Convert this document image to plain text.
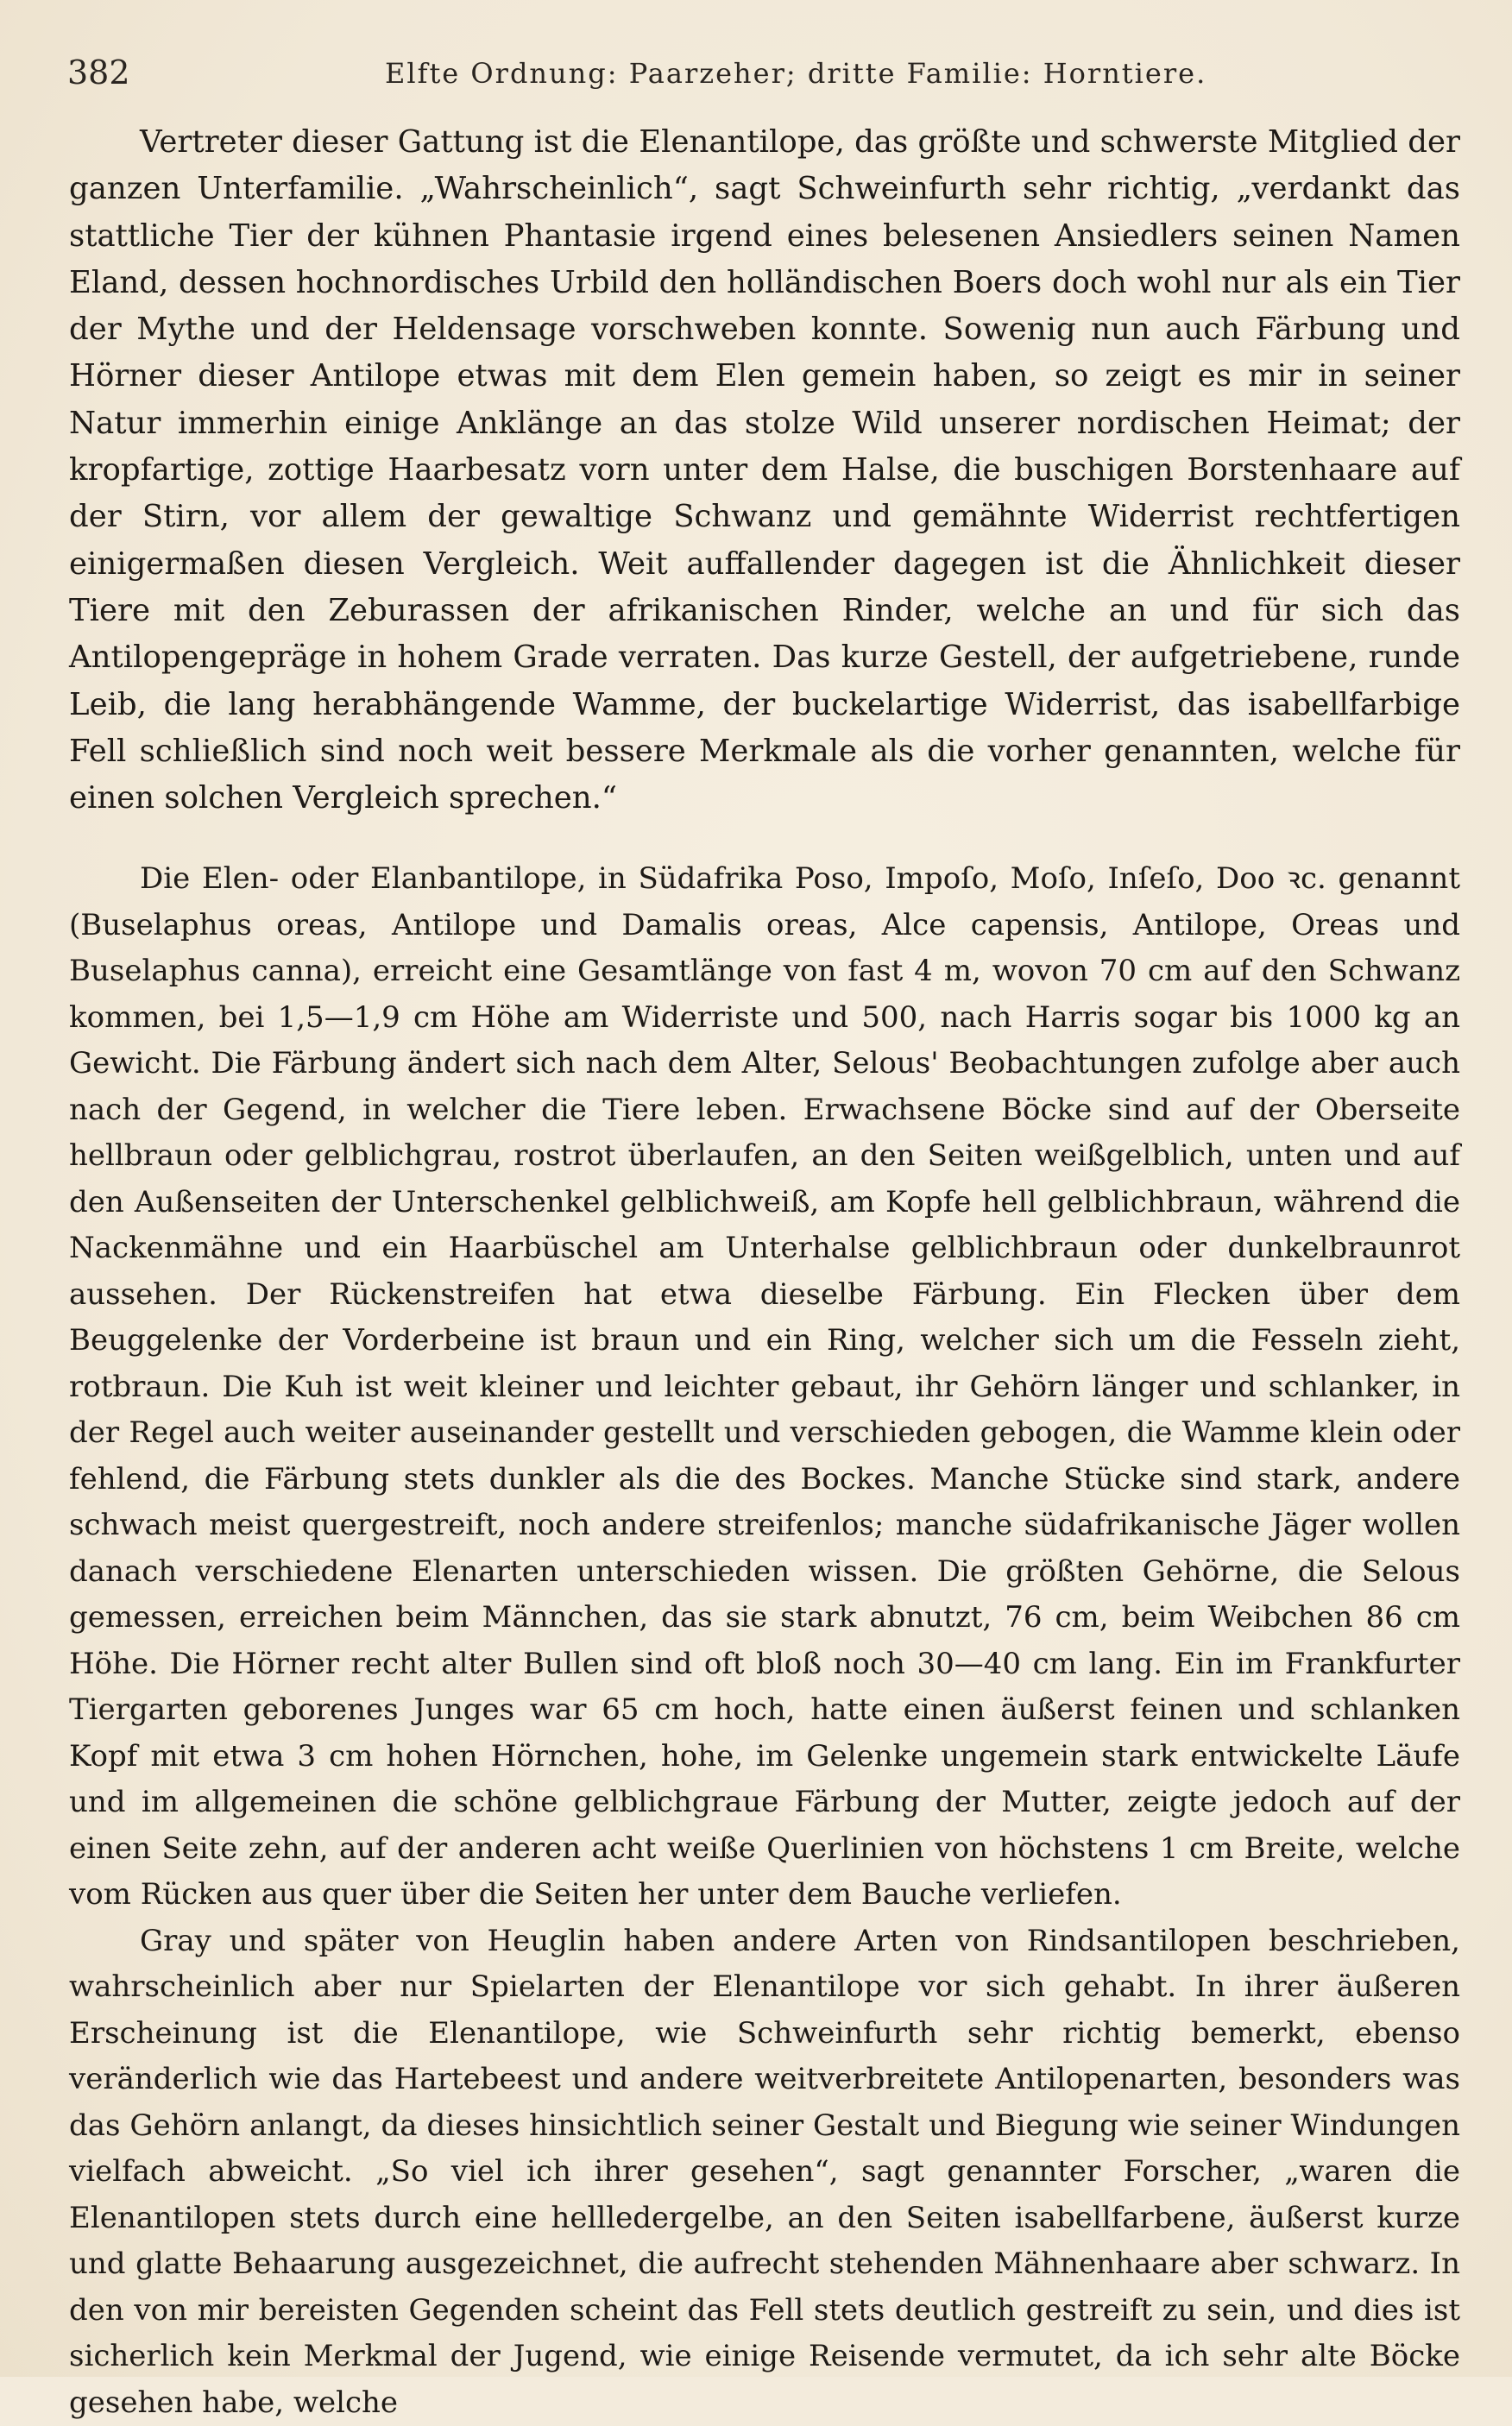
382	Elfte Ordnung: Paarzeher; dritte Familie: Horntiere.

Vertreter dieser Gattung ist die Elenantilope, das größte und schwerste Mitglied der ganzen Unterfamilie. „Wahrscheinlich“, sagt Schweinfurth sehr richtig, „verdankt das stattliche Tier der kühnen Phantasie irgend eines belesenen Ansiedlers seinen Namen Eland, dessen hochnordisches Urbild den holländischen Boers doch wohl nur als ein Tier der Mythe und der Heldensage vorschweben konnte. Sowenig nun auch Färbung und Hörner dieser Antilope etwas mit dem Elen gemein haben, so zeigt es mir in seiner Natur immerhin einige Anklänge an das stolze Wild unserer nordischen Heimat; der kropfartige, zottige Haarbesatz vorn unter dem Halse, die buschigen Borstenhaare auf der Stirn, vor allem der gewaltige Schwanz und gemähnte Widerrist rechtfertigen einigermaßen diesen Vergleich. Weit auffallender dagegen ist die Ähnlichkeit dieser Tiere mit den Zeburassen der afrikanischen Rinder, welche an und für sich das Antilopengepräge in hohem Grade verraten. Das kurze Gestell, der aufgetriebene, runde Leib, die lang herabhängende Wamme, der buckelartige Widerrist, das isabellfarbige Fell schließlich sind noch weit bessere Merkmale als die vorher genannten, welche für einen solchen Vergleich sprechen.“

Die Elen- oder Elanbantilope, in Südafrika Poso, Impoſo, Moſo, Inſeſo, Doo ꝛc. genannt (Buselaphus oreas, Antilope und Damalis oreas, Alce capensis, Antilope, Oreas und Buselaphus canna), erreicht eine Gesamtlänge von fast 4 m, wovon 70 cm auf den Schwanz kommen, bei 1,5—1,9 cm Höhe am Widerriste und 500, nach Harris sogar bis 1000 kg an Gewicht. Die Färbung ändert sich nach dem Alter, Selous' Beobachtungen zufolge aber auch nach der Gegend, in welcher die Tiere leben. Erwachsene Böcke sind auf der Oberseite hellbraun oder gelblichgrau, rostrot überlaufen, an den Seiten weißgelblich, unten und auf den Außenseiten der Unterschenkel gelblichweiß, am Kopfe hell gelblichbraun, während die Nackenmähne und ein Haarbüschel am Unterhalse gelblichbraun oder dunkelbraunrot aussehen. Der Rückenstreifen hat etwa dieselbe Färbung. Ein Flecken über dem Beuggelenke der Vorderbeine ist braun und ein Ring, welcher sich um die Fesseln zieht, rotbraun. Die Kuh ist weit kleiner und leichter gebaut, ihr Gehörn länger und schlanker, in der Regel auch weiter auseinander gestellt und verschieden gebogen, die Wamme klein oder fehlend, die Färbung stets dunkler als die des Bockes. Manche Stücke sind stark, andere schwach meist quergestreift, noch andere streifenlos; manche südafrikanische Jäger wollen danach verschiedene Elenarten unterschieden wissen. Die größten Gehörne, die Selous gemessen, erreichen beim Männchen, das sie stark abnutzt, 76 cm, beim Weibchen 86 cm Höhe. Die Hörner recht alter Bullen sind oft bloß noch 30—40 cm lang. Ein im Frankfurter Tiergarten geborenes Junges war 65 cm hoch, hatte einen äußerst feinen und schlanken Kopf mit etwa 3 cm hohen Hörnchen, hohe, im Gelenke ungemein stark entwickelte Läufe und im allgemeinen die schöne gelblichgraue Färbung der Mutter, zeigte jedoch auf der einen Seite zehn, auf der anderen acht weiße Querlinien von höchstens 1 cm Breite, welche vom Rücken aus quer über die Seiten her unter dem Bauche verliefen.

Gray und später von Heuglin haben andere Arten von Rindsantilopen beschrieben, wahrscheinlich aber nur Spielarten der Elenantilope vor sich gehabt. In ihrer äußeren Erscheinung ist die Elenantilope, wie Schweinfurth sehr richtig bemerkt, ebenso veränderlich wie das Hartebeest und andere weitverbreitete Antilopenarten, besonders was das Gehörn anlangt, da dieses hinsichtlich seiner Gestalt und Biegung wie seiner Windungen vielfach abweicht. „So viel ich ihrer gesehen“, sagt genannter Forscher, „waren die Elenantilopen stets durch eine hellledergelbe, an den Seiten isabellfarbene, äußerst kurze und glatte Behaarung ausgezeichnet, die aufrecht stehenden Mähnenhaare aber schwarz. In den von mir bereisten Gegenden scheint das Fell stets deutlich gestreift zu sein, und dies ist sicherlich kein Merkmal der Jugend, wie einige Reisende vermutet, da ich sehr alte Böcke gesehen habe, welche
